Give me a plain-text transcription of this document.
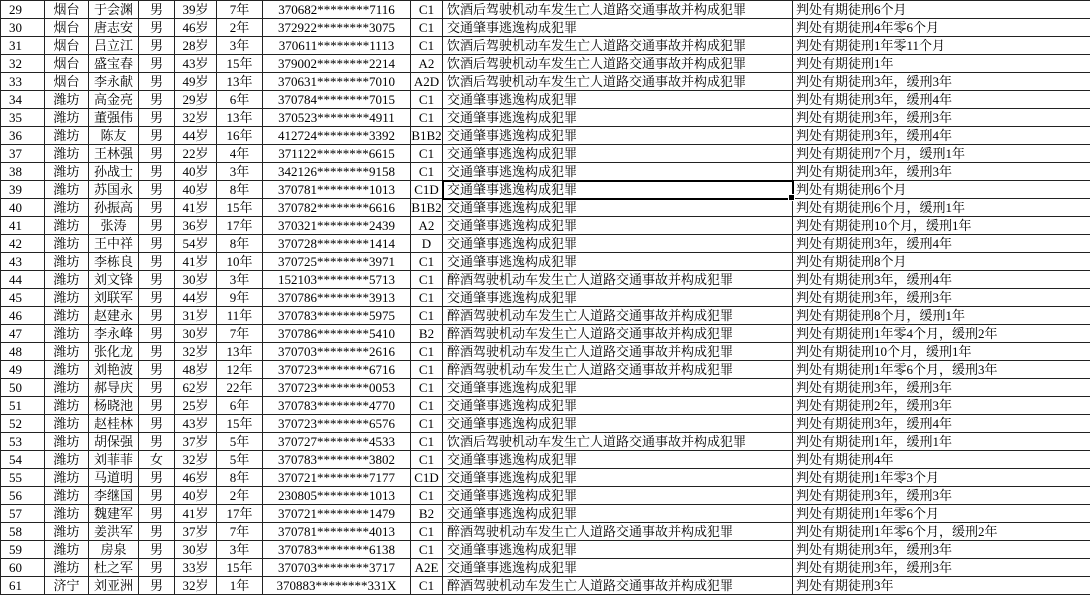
29	烟台	于会渊	男	39岁	7年	370682********7116	C1	饮酒后驾驶机动车发生亡人道路交通事故并构成犯罪	判处有期徒刑6个月
30	烟台	唐志安	男	46岁	2年	372922********3075	C1	交通肇事逃逸构成犯罪	判处有期徒刑4年零6个月
31	烟台	吕立江	男	28岁	3年	370611********1113	C1	饮酒后驾驶机动车发生亡人道路交通事故并构成犯罪	判处有期徒刑1年零11个月
32	烟台	盛宝春	男	43岁	15年	379002********2214	A2	饮酒后驾驶机动车发生亡人道路交通事故并构成犯罪	判处有期徒刑1年
33	烟台	李永献	男	49岁	13年	370631********7010	A2D	饮酒后驾驶机动车发生亡人道路交通事故并构成犯罪	判处有期徒刑3年，缓刑3年
34	潍坊	高金亮	男	29岁	6年	370784********7015	C1	交通肇事逃逸构成犯罪	判处有期徒刑3年，缓刑4年
35	潍坊	董强伟	男	32岁	13年	370523********4911	C1	交通肇事逃逸构成犯罪	判处有期徒刑3年，缓刑3年
36	潍坊	陈友	男	44岁	16年	412724********3392	B1B2	交通肇事逃逸构成犯罪	判处有期徒刑3年，缓刑4年
37	潍坊	王林强	男	22岁	4年	371122********6615	C1	交通肇事逃逸构成犯罪	判处有期徒刑7个月，缓刑1年
38	潍坊	孙战士	男	40岁	3年	342126********9158	C1	交通肇事逃逸构成犯罪	判处有期徒刑3年，缓刑3年
39	潍坊	苏国永	男	40岁	8年	370781********1013	C1D	交通肇事逃逸构成犯罪	判处有期徒刑6个月
40	潍坊	孙振高	男	41岁	15年	370782********6616	B1B2	交通肇事逃逸构成犯罪	判处有期徒刑6个月，缓刑1年
41	潍坊	张涛	男	36岁	17年	370321********2439	A2	交通肇事逃逸构成犯罪	判处有期徒刑10个月，缓刑1年
42	潍坊	王中祥	男	54岁	8年	370728********1414	D	交通肇事逃逸构成犯罪	判处有期徒刑3年，缓刑4年
43	潍坊	李栋良	男	41岁	10年	370725********3971	C1	交通肇事逃逸构成犯罪	判处有期徒刑8个月
44	潍坊	刘文锋	男	30岁	3年	152103********5713	C1	醉酒驾驶机动车发生亡人道路交通事故并构成犯罪	判处有期徒刑3年，缓刑4年
45	潍坊	刘联军	男	44岁	9年	370786********3913	C1	交通肇事逃逸构成犯罪	判处有期徒刑3年，缓刑3年
46	潍坊	赵建永	男	31岁	11年	370783********5975	C1	醉酒驾驶机动车发生亡人道路交通事故并构成犯罪	判处有期徒刑8个月，缓刑1年
47	潍坊	李永峰	男	30岁	7年	370786********5410	B2	醉酒驾驶机动车发生亡人道路交通事故并构成犯罪	判处有期徒刑1年零4个月，缓刑2年
48	潍坊	张化龙	男	32岁	13年	370703********2616	C1	醉酒驾驶机动车发生亡人道路交通事故并构成犯罪	判处有期徒刑10个月，缓刑1年
49	潍坊	刘艳波	男	48岁	12年	370723********6716	C1	醉酒驾驶机动车发生亡人道路交通事故并构成犯罪	判处有期徒刑1年零6个月，缓刑3年
50	潍坊	郝导庆	男	62岁	22年	370723********0053	C1	交通肇事逃逸构成犯罪	判处有期徒刑3年，缓刑3年
51	潍坊	杨晓池	男	25岁	6年	370783********4770	C1	交通肇事逃逸构成犯罪	判处有期徒刑2年，缓刑3年
52	潍坊	赵桂林	男	43岁	15年	370723********6576	C1	交通肇事逃逸构成犯罪	判处有期徒刑3年，缓刑4年
53	潍坊	胡保强	男	37岁	5年	370727********4533	C1	饮酒后驾驶机动车发生亡人道路交通事故并构成犯罪	判处有期徒刑1年，缓刑1年
54	潍坊	刘菲菲	女	32岁	5年	370783********3802	C1	交通肇事逃逸构成犯罪	判处有期徒刑4年
55	潍坊	马道明	男	46岁	8年	370721********7177	C1D	交通肇事逃逸构成犯罪	判处有期徒刑1年零3个月
56	潍坊	李继国	男	40岁	2年	230805********1013	C1	交通肇事逃逸构成犯罪	判处有期徒刑3年，缓刑3年
57	潍坊	魏建军	男	41岁	17年	370721********1479	B2	交通肇事逃逸构成犯罪	判处有期徒刑1年零6个月
58	潍坊	姜洪军	男	37岁	7年	370781********4013	C1	醉酒驾驶机动车发生亡人道路交通事故并构成犯罪	判处有期徒刑1年零6个月，缓刑2年
59	潍坊	房泉	男	30岁	3年	370783********6138	C1	交通肇事逃逸构成犯罪	判处有期徒刑3年，缓刑3年
60	潍坊	杜之军	男	33岁	15年	370703********3717	A2E	交通肇事逃逸构成犯罪	判处有期徒刑3年，缓刑3年
61	济宁	刘亚洲	男	32岁	1年	370883********331X	C1	醉酒驾驶机动车发生亡人道路交通事故并构成犯罪	判处有期徒刑3年
